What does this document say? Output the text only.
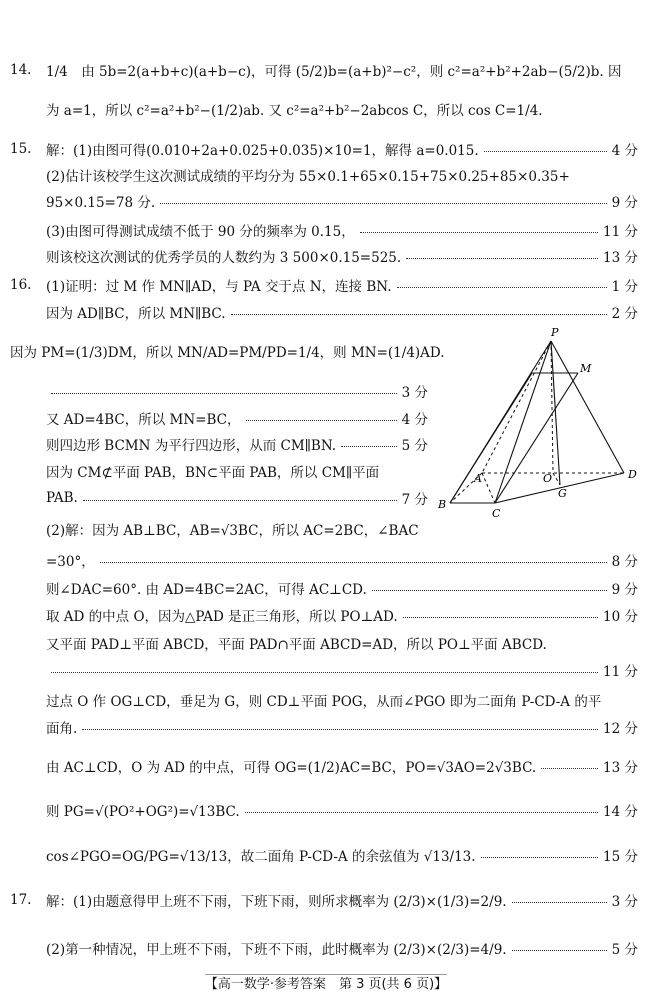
14.	1/4　由 5b=2(a+b+c)(a+b−c)，可得 (5/2)b=(a+b)²−c²，则 c²=a²+b²+2ab−(5/2)b. 因
为 a=1，所以 c²=a²+b²−(1/2)ab. 又 c²=a²+b²−2abcos C，所以 cos C=1/4.
15.	解：(1)由图可得(0.010+2a+0.025+0.035)×10=1，解得 a=0.015.	4 分
(2)估计该校学生这次测试成绩的平均分为 55×0.1+65×0.15+75×0.25+85×0.35+
95×0.15=78 分.	9 分
(3)由图可得测试成绩不低于 90 分的频率为 0.15，	11 分
则该校这次测试的优秀学员的人数约为 3 500×0.15=525.	13 分
16.	(1)证明：过 M 作 MN∥AD，与 PA 交于点 N，连接 BN.	1 分
因为 AD∥BC，所以 MN∥BC.	2 分
因为 PM=(1/3)DM，所以 MN/AD=PM/PD=1/4，则 MN=(1/4)AD.
3 分
又 AD=4BC，所以 MN=BC，	4 分
则四边形 BCMN 为平行四边形，从而 CM∥BN.	5 分
因为 CM⊄平面 PAB，BN⊂平面 PAB，所以 CM∥平面
PAB.	7 分
(2)解：因为 AB⊥BC，AB=√3BC，所以 AC=2BC，∠BAC
=30°，	8 分
则∠DAC=60°. 由 AD=4BC=2AC，可得 AC⊥CD.	9 分
取 AD 的中点 O，因为△PAD 是正三角形，所以 PO⊥AD.	10 分
又平面 PAD⊥平面 ABCD，平面 PAD∩平面 ABCD=AD，所以 PO⊥平面 ABCD.
11 分
过点 O 作 OG⊥CD，垂足为 G，则 CD⊥平面 POG，从而∠PGO 即为二面角 P-CD-A 的平
面角.	12 分
由 AC⊥CD，O 为 AD 的中点，可得 OG=(1/2)AC=BC，PO=√3AO=2√3BC.	13 分
则 PG=√(PO²+OG²)=√13BC.	14 分
cos∠PGO=OG/PG=√13/13，故二面角 P-CD-A 的余弦值为 √13/13.	15 分
17.	解：(1)由题意得甲上班不下雨，下班下雨，则所求概率为 (2/3)×(1/3)=2/9.	3 分
(2)第一种情况，甲上班不下雨，下班不下雨，此时概率为 (2/3)×(2/3)=4/9.	5 分
P
M
A	O
G
D
B
C
【高一数学·参考答案　第 3 页(共 6 页)】
